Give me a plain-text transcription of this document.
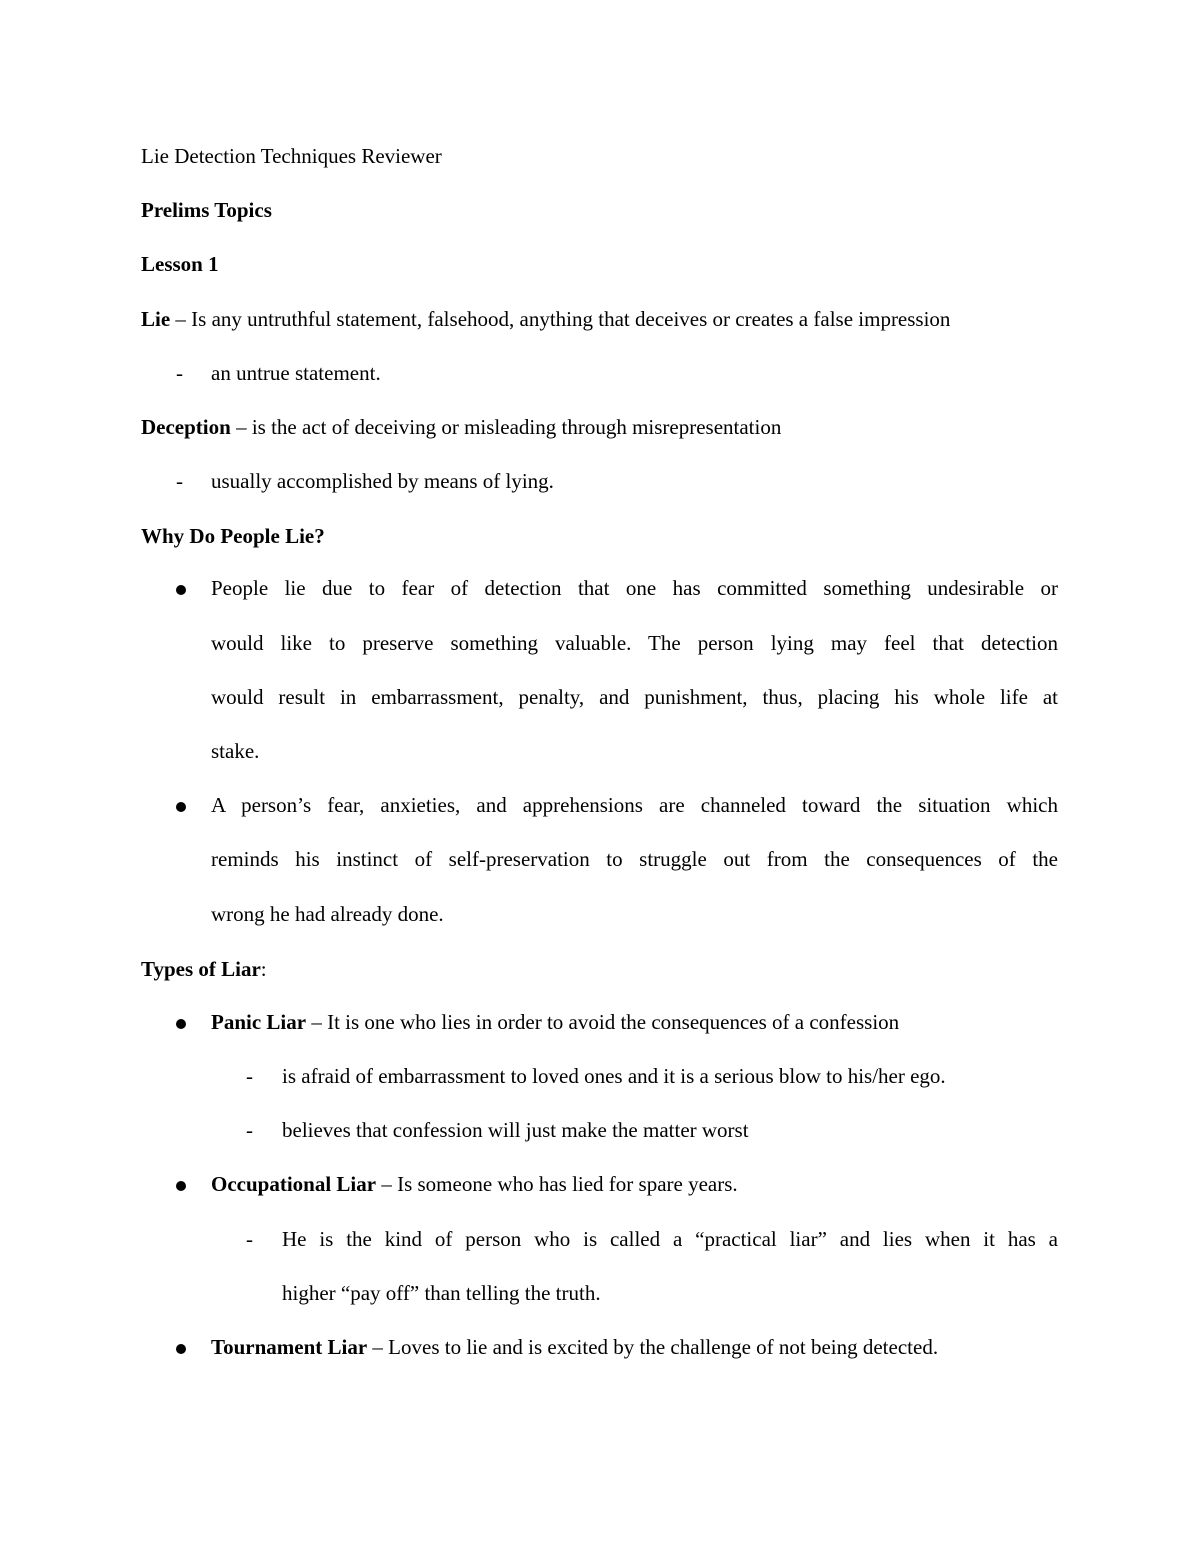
Lie Detection Techniques Reviewer
Prelims Topics
Lesson 1
Lie – Is any untruthful statement, falsehood, anything that deceives or creates a false impression
- an untrue statement.
Deception – is the act of deceiving or misleading through misrepresentation
- usually accomplished by means of lying.
Why Do People Lie?
People lie due to fear of detection that one has committed something undesirable or
would like to preserve something valuable. The person lying may feel that detection
would result in embarrassment, penalty, and punishment, thus, placing his whole life at
stake.
A person’s fear, anxieties, and apprehensions are channeled toward the situation which
reminds his instinct of self-preservation to struggle out from the consequences of the
wrong he had already done.
Types of Liar:
Panic Liar – It is one who lies in order to avoid the consequences of a confession
- is afraid of embarrassment to loved ones and it is a serious blow to his/her ego.
- believes that confession will just make the matter worst
Occupational Liar – Is someone who has lied for spare years.
- He is the kind of person who is called a “practical liar” and lies when it has a
higher “pay off” than telling the truth.
Tournament Liar – Loves to lie and is excited by the challenge of not being detected.
